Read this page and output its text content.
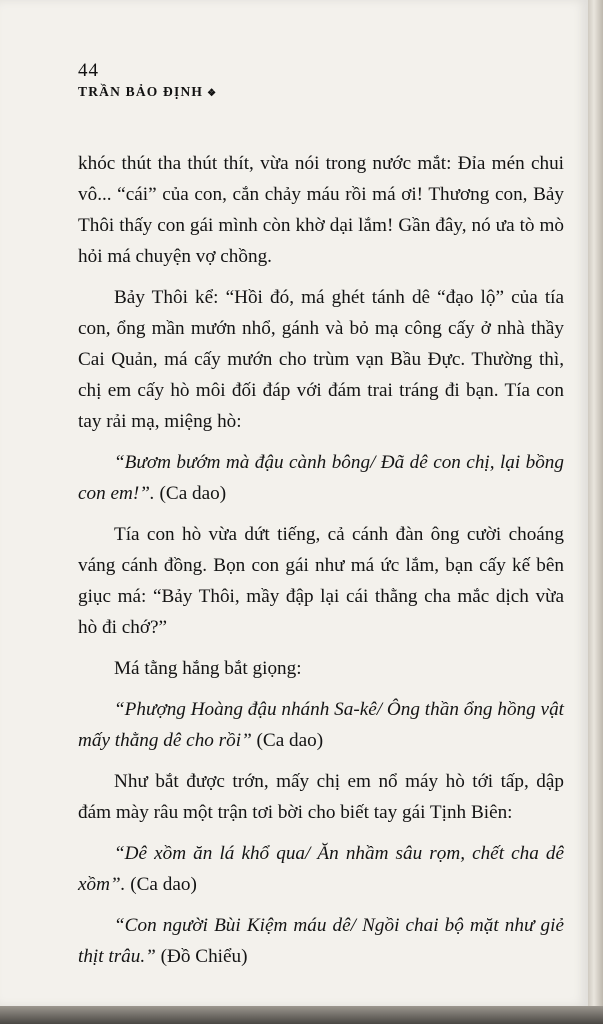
44
TRẦN BẢO ĐỊNH ❖

khóc thút tha thút thít, vừa nói trong nước mắt: Đỉa mén chui vô... “cái” của con, cắn chảy máu rồi má ơi! Thương con, Bảy Thôi thấy con gái mình còn khờ dại lắm! Gần đây, nó ưa tò mò hỏi má chuyện vợ chồng.

Bảy Thôi kể: “Hồi đó, má ghét tánh dê “đạo lộ” của tía con, ổng mần mướn nhổ, gánh và bỏ mạ công cấy ở nhà thầy Cai Quản, má cấy mướn cho trùm vạn Bầu Đực. Thường thì, chị em cấy hò môi đối đáp với đám trai tráng đi bạn. Tía con tay rải mạ, miệng hò:

“Bươm bướm mà đậu cành bông/ Đã dê con chị, lại bồng con em!”. (Ca dao)

Tía con hò vừa dứt tiếng, cả cánh đàn ông cười choáng váng cánh đồng. Bọn con gái như má ức lắm, bạn cấy kế bên giục má: “Bảy Thôi, mầy đập lại cái thằng cha mắc dịch vừa hò đi chớ?”

Má tằng hắng bắt giọng:

“Phượng Hoàng đậu nhánh Sa-kê/ Ông thần ổng hồng vật mấy thằng dê cho rồi” (Ca dao)

Như bắt được trớn, mấy chị em nổ máy hò tới tấp, dập đám mày râu một trận tơi bời cho biết tay gái Tịnh Biên:

“Dê xồm ăn lá khổ qua/ Ăn nhầm sâu rọm, chết cha dê xồm”. (Ca dao)

“Con người Bùi Kiệm máu dê/ Ngồi chai bộ mặt như giẻ thịt trâu.” (Đồ Chiểu)
